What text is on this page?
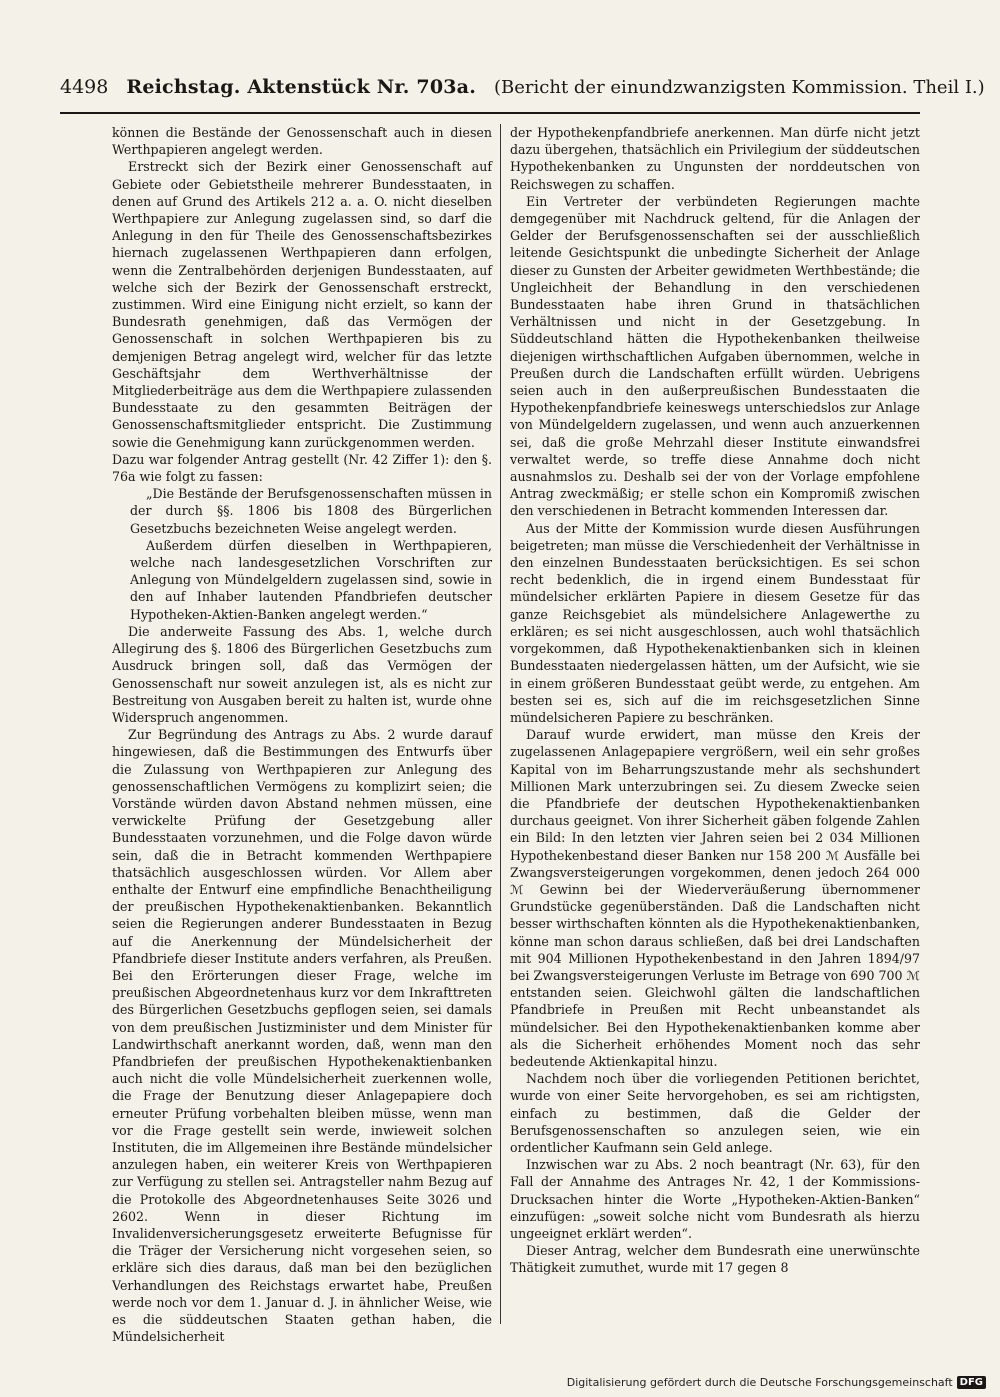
4498 Reichstag. Aktenstück Nr. 703a. (Bericht der einundzwanzigsten Kommission. Theil I.)

können die Bestände der Genossenschaft auch in diesen Werthpapieren angelegt werden.

Erstreckt sich der Bezirk einer Genossenschaft auf Gebiete oder Gebietstheile mehrerer Bundesstaaten, in denen auf Grund des Artikels 212 a. a. O. nicht dieselben Werthpapiere zur Anlegung zugelassen sind, so darf die Anlegung in den für Theile des Genossenschaftsbezirkes hiernach zugelassenen Werthpapieren dann erfolgen, wenn die Zentralbehörden derjenigen Bundesstaaten, auf welche sich der Bezirk der Genossenschaft erstreckt, zustimmen. Wird eine Einigung nicht erzielt, so kann der Bundesrath genehmigen, daß das Vermögen der Genossenschaft in solchen Werthpapieren bis zu demjenigen Betrag angelegt wird, welcher für das letzte Geschäftsjahr dem Werthverhältnisse der Mitgliederbeiträge aus dem die Werthpapiere zulassenden Bundesstaate zu den gesammten Beiträgen der Genossenschaftsmitglieder entspricht. Die Zustimmung sowie die Genehmigung kann zurückgenommen werden.

Dazu war folgender Antrag gestellt (Nr. 42 Ziffer 1): den §. 76a wie folgt zu fassen:

„Die Bestände der Berufsgenossenschaften müssen in der durch §§. 1806 bis 1808 des Bürgerlichen Gesetzbuchs bezeichneten Weise angelegt werden.

Außerdem dürfen dieselben in Werthpapieren, welche nach landesgesetzlichen Vorschriften zur Anlegung von Mündelgeldern zugelassen sind, sowie in den auf Inhaber lautenden Pfandbriefen deutscher Hypotheken-Aktien-Banken angelegt werden.“

Die anderweite Fassung des Abs. 1, welche durch Allegirung des §. 1806 des Bürgerlichen Gesetzbuchs zum Ausdruck bringen soll, daß das Vermögen der Genossenschaft nur soweit anzulegen ist, als es nicht zur Bestreitung von Ausgaben bereit zu halten ist, wurde ohne Widerspruch angenommen.

Zur Begründung des Antrags zu Abs. 2 wurde darauf hingewiesen, daß die Bestimmungen des Entwurfs über die Zulassung von Werthpapieren zur Anlegung des genossenschaftlichen Vermögens zu komplizirt seien; die Vorstände würden davon Abstand nehmen müssen, eine verwickelte Prüfung der Gesetzgebung aller Bundesstaaten vorzunehmen, und die Folge davon würde sein, daß die in Betracht kommenden Werthpapiere thatsächlich ausgeschlossen würden. Vor Allem aber enthalte der Entwurf eine empfindliche Benachtheiligung der preußischen Hypothekenaktienbanken. Bekanntlich seien die Regierungen anderer Bundesstaaten in Bezug auf die Anerkennung der Mündelsicherheit der Pfandbriefe dieser Institute anders verfahren, als Preußen. Bei den Erörterungen dieser Frage, welche im preußischen Abgeordnetenhaus kurz vor dem Inkrafttreten des Bürgerlichen Gesetzbuchs gepflogen seien, sei damals von dem preußischen Justizminister und dem Minister für Landwirthschaft anerkannt worden, daß, wenn man den Pfandbriefen der preußischen Hypothekenaktienbanken auch nicht die volle Mündelsicherheit zuerkennen wolle, die Frage der Benutzung dieser Anlagepapiere doch erneuter Prüfung vorbehalten bleiben müsse, wenn man vor die Frage gestellt sein werde, inwieweit solchen Instituten, die im Allgemeinen ihre Bestände mündelsicher anzulegen haben, ein weiterer Kreis von Werthpapieren zur Verfügung zu stellen sei. Antragsteller nahm Bezug auf die Protokolle des Abgeordnetenhauses Seite 3026 und 2602. Wenn in dieser Richtung im Invalidenversicherungsgesetz erweiterte Befugnisse für die Träger der Versicherung nicht vorgesehen seien, so erkläre sich dies daraus, daß man bei den bezüglichen Verhandlungen des Reichstags erwartet habe, Preußen werde noch vor dem 1. Januar d. J. in ähnlicher Weise, wie es die süddeutschen Staaten gethan haben, die Mündelsicherheit

der Hypothekenpfandbriefe anerkennen. Man dürfe nicht jetzt dazu übergehen, thatsächlich ein Privilegium der süddeutschen Hypothekenbanken zu Ungunsten der norddeutschen von Reichswegen zu schaffen.

Ein Vertreter der verbündeten Regierungen machte demgegenüber mit Nachdruck geltend, für die Anlagen der Gelder der Berufsgenossenschaften sei der ausschließlich leitende Gesichtspunkt die unbedingte Sicherheit der Anlage dieser zu Gunsten der Arbeiter gewidmeten Werthbestände; die Ungleichheit der Behandlung in den verschiedenen Bundesstaaten habe ihren Grund in thatsächlichen Verhältnissen und nicht in der Gesetzgebung. In Süddeutschland hätten die Hypothekenbanken theilweise diejenigen wirthschaftlichen Aufgaben übernommen, welche in Preußen durch die Landschaften erfüllt würden. Uebrigens seien auch in den außerpreußischen Bundesstaaten die Hypothekenpfandbriefe keineswegs unterschiedslos zur Anlage von Mündelgeldern zugelassen, und wenn auch anzuerkennen sei, daß die große Mehrzahl dieser Institute einwandsfrei verwaltet werde, so treffe diese Annahme doch nicht ausnahmslos zu. Deshalb sei der von der Vorlage empfohlene Antrag zweckmäßig; er stelle schon ein Kompromiß zwischen den verschiedenen in Betracht kommenden Interessen dar.

Aus der Mitte der Kommission wurde diesen Ausführungen beigetreten; man müsse die Verschiedenheit der Verhältnisse in den einzelnen Bundesstaaten berücksichtigen. Es sei schon recht bedenklich, die in irgend einem Bundesstaat für mündelsicher erklärten Papiere in diesem Gesetze für das ganze Reichsgebiet als mündelsichere Anlagewerthe zu erklären; es sei nicht ausgeschlossen, auch wohl thatsächlich vorgekommen, daß Hypothekenaktienbanken sich in kleinen Bundesstaaten niedergelassen hätten, um der Aufsicht, wie sie in einem größeren Bundesstaat geübt werde, zu entgehen. Am besten sei es, sich auf die im reichsgesetzlichen Sinne mündelsicheren Papiere zu beschränken.

Darauf wurde erwidert, man müsse den Kreis der zugelassenen Anlagepapiere vergrößern, weil ein sehr großes Kapital von im Beharrungszustande mehr als sechshundert Millionen Mark unterzubringen sei. Zu diesem Zwecke seien die Pfandbriefe der deutschen Hypothekenaktienbanken durchaus geeignet. Von ihrer Sicherheit gäben folgende Zahlen ein Bild: In den letzten vier Jahren seien bei 2 034 Millionen Hypothekenbestand dieser Banken nur 158 200 ℳ Ausfälle bei Zwangsversteigerungen vorgekommen, denen jedoch 264 000 ℳ Gewinn bei der Wiederveräußerung übernommener Grundstücke gegenüberständen. Daß die Landschaften nicht besser wirthschaften könnten als die Hypothekenaktienbanken, könne man schon daraus schließen, daß bei drei Landschaften mit 904 Millionen Hypothekenbestand in den Jahren 1894/97 bei Zwangsversteigerungen Verluste im Betrage von 690 700 ℳ entstanden seien. Gleichwohl gälten die landschaftlichen Pfandbriefe in Preußen mit Recht unbeanstandet als mündelsicher. Bei den Hypothekenaktienbanken komme aber als die Sicherheit erhöhendes Moment noch das sehr bedeutende Aktienkapital hinzu.

Nachdem noch über die vorliegenden Petitionen berichtet, wurde von einer Seite hervorgehoben, es sei am richtigsten, einfach zu bestimmen, daß die Gelder der Berufsgenossenschaften so anzulegen seien, wie ein ordentlicher Kaufmann sein Geld anlege.

Inzwischen war zu Abs. 2 noch beantragt (Nr. 63), für den Fall der Annahme des Antrages Nr. 42, 1 der Kommissions-Drucksachen hinter die Worte „Hypotheken-Aktien-Banken“ einzufügen: „soweit solche nicht vom Bundesrath als hierzu ungeeignet erklärt werden“.

Dieser Antrag, welcher dem Bundesrath eine unerwünschte Thätigkeit zumuthet, wurde mit 17 gegen 8

Digitalisierung gefördert durch die Deutsche Forschungsgemeinschaft DFG
